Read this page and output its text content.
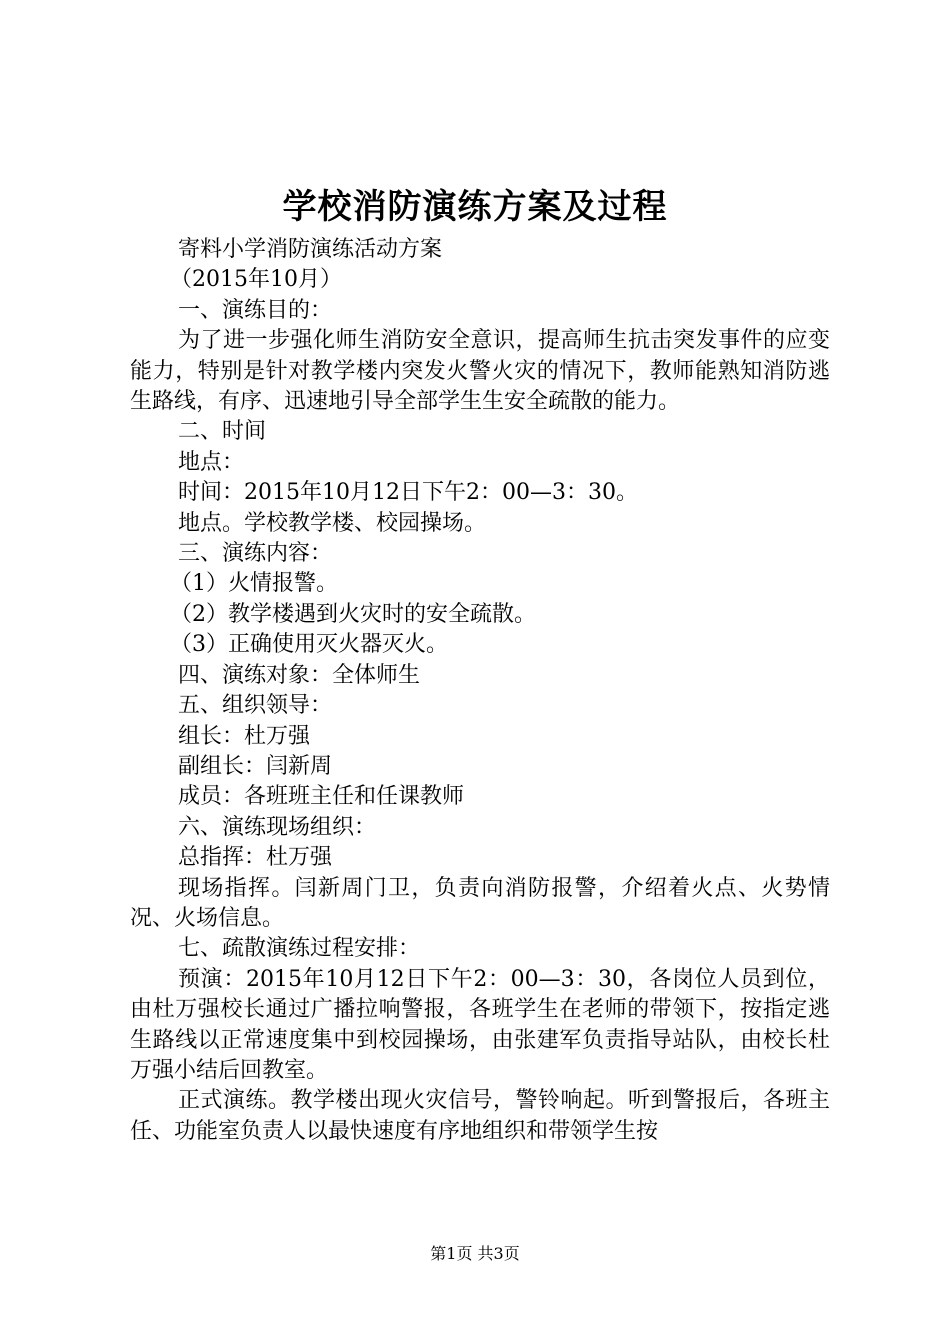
学校消防演练方案及过程

寄料小学消防演练活动方案

（2015年10月）

一、演练目的：

为了进一步强化师生消防安全意识，提高师生抗击突发事件的应变能力，特别是针对教学楼内突发火警火灾的情况下，教师能熟知消防逃生路线，有序、迅速地引导全部学生生安全疏散的能力。

二、时间

地点：

时间：2015年10月12日下午2：00—3：30。

地点。学校教学楼、校园操场。

三、演练内容：

（1）火情报警。

（2）教学楼遇到火灾时的安全疏散。

（3）正确使用灭火器灭火。

四、演练对象：全体师生

五、组织领导：

组长：杜万强

副组长：闫新周

成员：各班班主任和任课教师

六、演练现场组织：

总指挥：杜万强

现场指挥。闫新周门卫，负责向消防报警，介绍着火点、火势情况、火场信息。

七、疏散演练过程安排：

预演：2015年10月12日下午2：00—3：30，各岗位人员到位，由杜万强校长通过广播拉响警报，各班学生在老师的带领下，按指定逃生路线以正常速度集中到校园操场，由张建军负责指导站队，由校长杜万强小结后回教室。

正式演练。教学楼出现火灾信号，警铃响起。听到警报后，各班主任、功能室负责人以最快速度有序地组织和带领学生按

第1页 共3页
